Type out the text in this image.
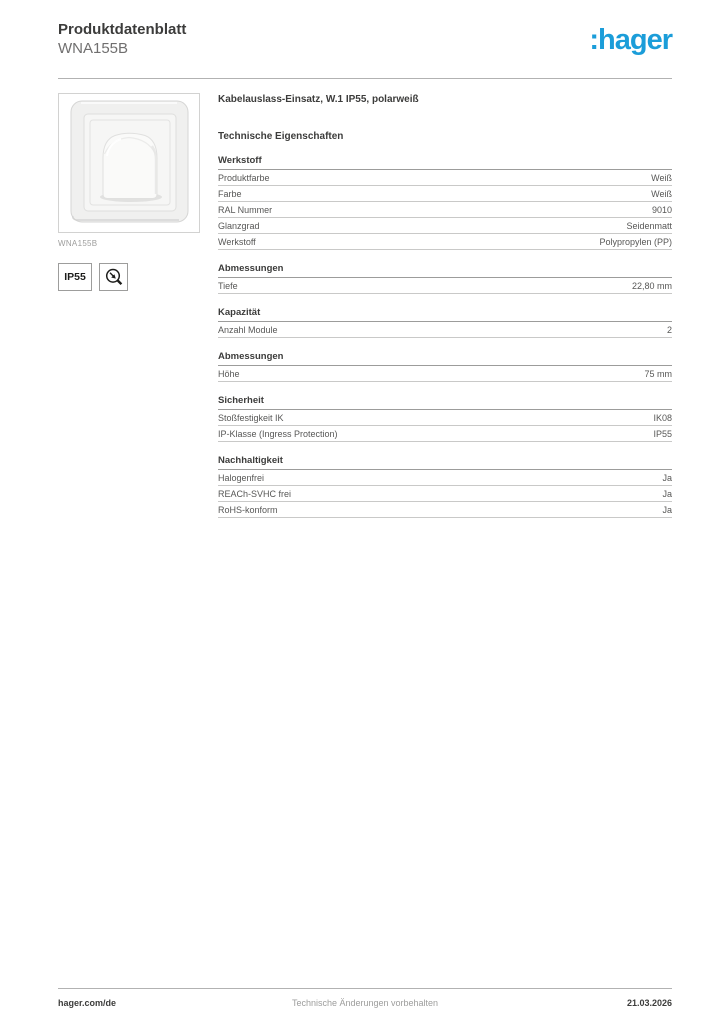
Produktdatenblatt
WNA155B	:hager
WNA155B
IP55
Kabelauslass-Einsatz, W.1 IP55, polarweiß
Technische Eigenschaften
Werkstoff
Produktfarbe	Weiß
Farbe	Weiß
RAL Nummer	9010
Glanzgrad	Seidenmatt
Werkstoff	Polypropylen (PP)
Abmessungen
Tiefe	22,80 mm
Kapazität
Anzahl Module	2
Abmessungen
Höhe	75 mm
Sicherheit
Stoßfestigkeit IK	IK08
IP-Klasse (Ingress Protection)	IP55
Nachhaltigkeit
Halogenfrei	Ja
REACh-SVHC frei	Ja
RoHS-konform	Ja
hager.com/de	Technische Änderungen vorbehalten	21.03.2026
